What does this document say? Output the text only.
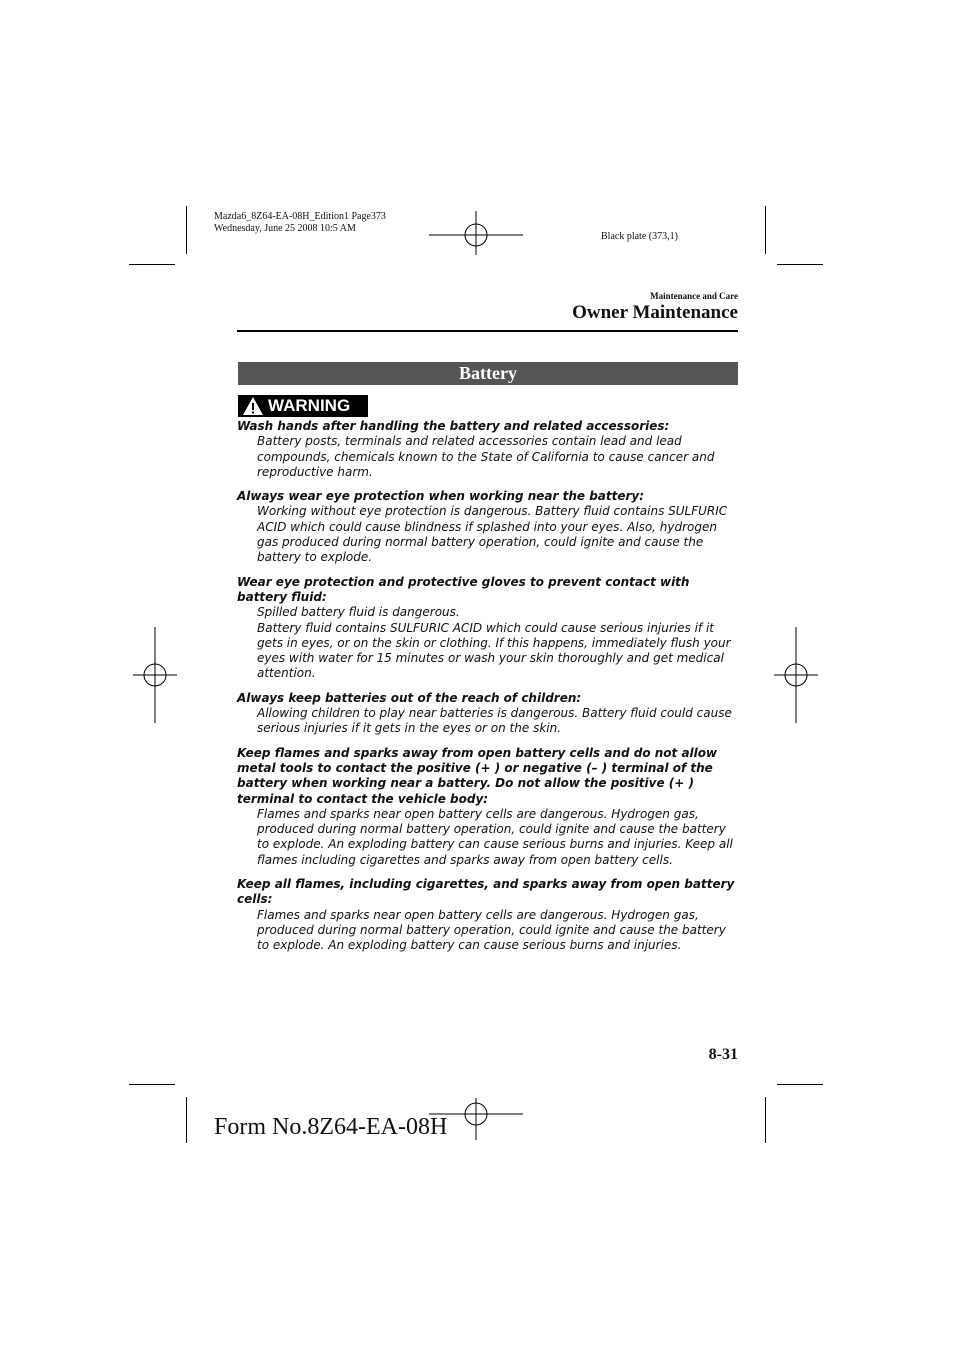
Mazda6_8Z64-EA-08H_Edition1 Page373
Wednesday, June 25 2008 10:5 AM
Black plate (373,1)
Maintenance and Care
Owner Maintenance
Battery
WARNING
Wash hands after handling the battery and related accessories:
Battery posts, terminals and related accessories contain lead and lead compounds, chemicals known to the State of California to cause cancer and reproductive harm.
Always wear eye protection when working near the battery:
Working without eye protection is dangerous. Battery fluid contains SULFURIC ACID which could cause blindness if splashed into your eyes. Also, hydrogen gas produced during normal battery operation, could ignite and cause the battery to explode.
Wear eye protection and protective gloves to prevent contact with battery fluid:
Spilled battery fluid is dangerous.
Battery fluid contains SULFURIC ACID which could cause serious injuries if it gets in eyes, or on the skin or clothing. If this happens, immediately flush your eyes with water for 15 minutes or wash your skin thoroughly and get medical attention.
Always keep batteries out of the reach of children:
Allowing children to play near batteries is dangerous. Battery fluid could cause serious injuries if it gets in the eyes or on the skin.
Keep flames and sparks away from open battery cells and do not allow metal tools to contact the positive (+ ) or negative (– ) terminal of the battery when working near a battery. Do not allow the positive (+ ) terminal to contact the vehicle body:
Flames and sparks near open battery cells are dangerous. Hydrogen gas, produced during normal battery operation, could ignite and cause the battery to explode. An exploding battery can cause serious burns and injuries. Keep all flames including cigarettes and sparks away from open battery cells.
Keep all flames, including cigarettes, and sparks away from open battery cells:
Flames and sparks near open battery cells are dangerous. Hydrogen gas, produced during normal battery operation, could ignite and cause the battery to explode. An exploding battery can cause serious burns and injuries.
8-31
Form No.8Z64-EA-08H
